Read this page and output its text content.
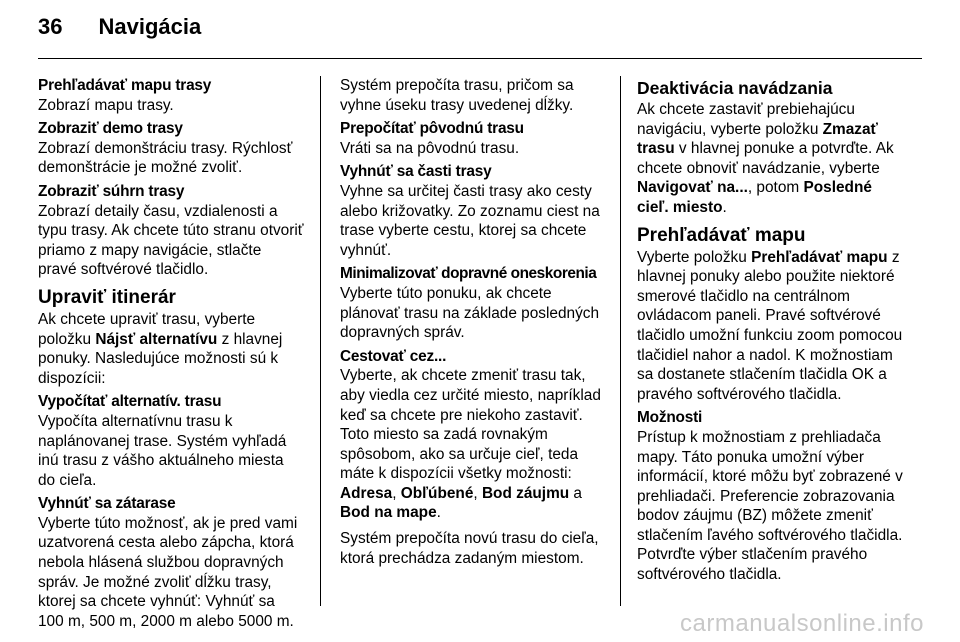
36 Navigácia
Prehľadávať mapu trasy
Zobrazí mapu trasy.
Zobraziť demo trasy
Zobrazí demonštráciu trasy. Rýchlosť demonštrácie je možné zvoliť.
Zobraziť súhrn trasy
Zobrazí detaily času, vzdialenosti a typu trasy. Ak chcete túto stranu otvoriť priamo z mapy navigácie, stlačte pravé softvérové tlačidlo.
Upraviť itinerár
Ak chcete upraviť trasu, vyberte položku Nájsť alternatívu z hlavnej ponuky. Nasledujúce možnosti sú k dispozícii:
Vypočítať alternatív. trasu
Vypočíta alternatívnu trasu k naplánovanej trase. Systém vyhľadá inú trasu z vášho aktuálneho miesta do cieľa.
Vyhnúť sa zátarase
Vyberte túto možnosť, ak je pred vami uzatvorená cesta alebo zápcha, ktorá nebola hlásená službou dopravných správ. Je možné zvoliť dĺžku trasy, ktorej sa chcete vyhnúť: Vyhnúť sa 100 m, 500 m, 2000 m alebo 5000 m.
Systém prepočíta trasu, pričom sa vyhne úseku trasy uvedenej dĺžky.
Prepočítať pôvodnú trasu
Vráti sa na pôvodnú trasu.
Vyhnúť sa časti trasy
Vyhne sa určitej časti trasy ako cesty alebo križovatky. Zo zoznamu ciest na trase vyberte cestu, ktorej sa chcete vyhnúť.
Minimalizovať dopravné oneskorenia
Vyberte túto ponuku, ak chcete plánovať trasu na základe posledných dopravných správ.
Cestovať cez...
Vyberte, ak chcete zmeniť trasu tak, aby viedla cez určité miesto, napríklad keď sa chcete pre niekoho zastaviť. Toto miesto sa zadá rovnakým spôsobom, ako sa určuje cieľ, teda máte k dispozícii všetky možnosti: Adresa, Obľúbené, Bod záujmu a Bod na mape.
Systém prepočíta novú trasu do cieľa, ktorá prechádza zadaným miestom.
Deaktivácia navádzania
Ak chcete zastaviť prebiehajúcu navigáciu, vyberte položku Zmazať trasu v hlavnej ponuke a potvrďte. Ak chcete obnoviť navádzanie, vyberte Navigovať na..., potom Posledné cieľ. miesto.
Prehľadávať mapu
Vyberte položku Prehľadávať mapu z hlavnej ponuky alebo použite niektoré smerové tlačidlo na centrálnom ovládacom paneli. Pravé softvérové tlačidlo umožní funkciu zoom pomocou tlačidiel nahor a nadol. K možnostiam sa dostanete stlačením tlačidla OK a pravého softvérového tlačidla.
Možnosti
Prístup k možnostiam z prehliadača mapy. Táto ponuka umožní výber informácií, ktoré môžu byť zobrazené v prehliadači. Preferencie zobrazovania bodov záujmu (BZ) môžete zmeniť stlačením ľavého softvérového tlačidla. Potvrďte výber stlačením pravého softvérového tlačidla.
carmanualsonline.info
